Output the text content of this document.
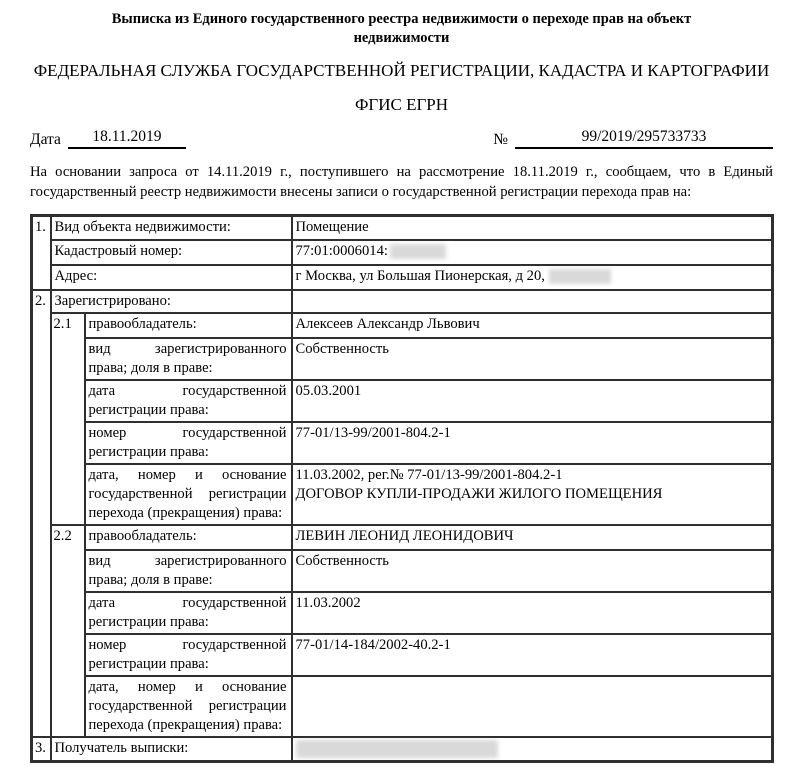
Выписка из Единого государственного реестра недвижимости о переходе прав на объект недвижимости
ФЕДЕРАЛЬНАЯ СЛУЖБА ГОСУДАРСТВЕННОЙ РЕГИСТРАЦИИ, КАДАСТРА И КАРТОГРАФИИ
ФГИС ЕГРН
Дата	18.11.2019	№	99/2019/295733733
На основании запроса от 14.11.2019 г., поступившего на рассмотрение 18.11.2019 г., сообщаем, что в Единый государственный реестр недвижимости внесены записи о государственной регистрации перехода прав на:
1.	Вид объекта недвижимости:		Помещение
	Кадастровый номер:		77:01:0006014:
	Адрес:		г Москва, ул Большая Пионерская, д 20,
2.	Зарегистрировано:		
	2.1	правообладатель:	Алексеев Александр Львович
		вид зарегистрированного права; доля в праве:	Собственность
		дата государственной регистрации права:	05.03.2001
		номер государственной регистрации права:	77-01/13-99/2001-804.2-1
		дата, номер и основание государственной регистрации перехода (прекращения) права:	11.03.2002, рег.№ 77-01/13-99/2001-804.2-1
ДОГОВОР КУПЛИ-ПРОДАЖИ ЖИЛОГО ПОМЕЩЕНИЯ

	2.2	правообладатель:	ЛЕВИН ЛЕОНИД ЛЕОНИДОВИЧ
		вид зарегистрированного права; доля в праве:	Собственность
		дата государственной регистрации права:	11.03.2002
		номер государственной регистрации права:	77-01/14-184/2002-40.2-1
		дата, номер и основание государственной регистрации перехода (прекращения) права:	
3.	Получатель выписки:		
